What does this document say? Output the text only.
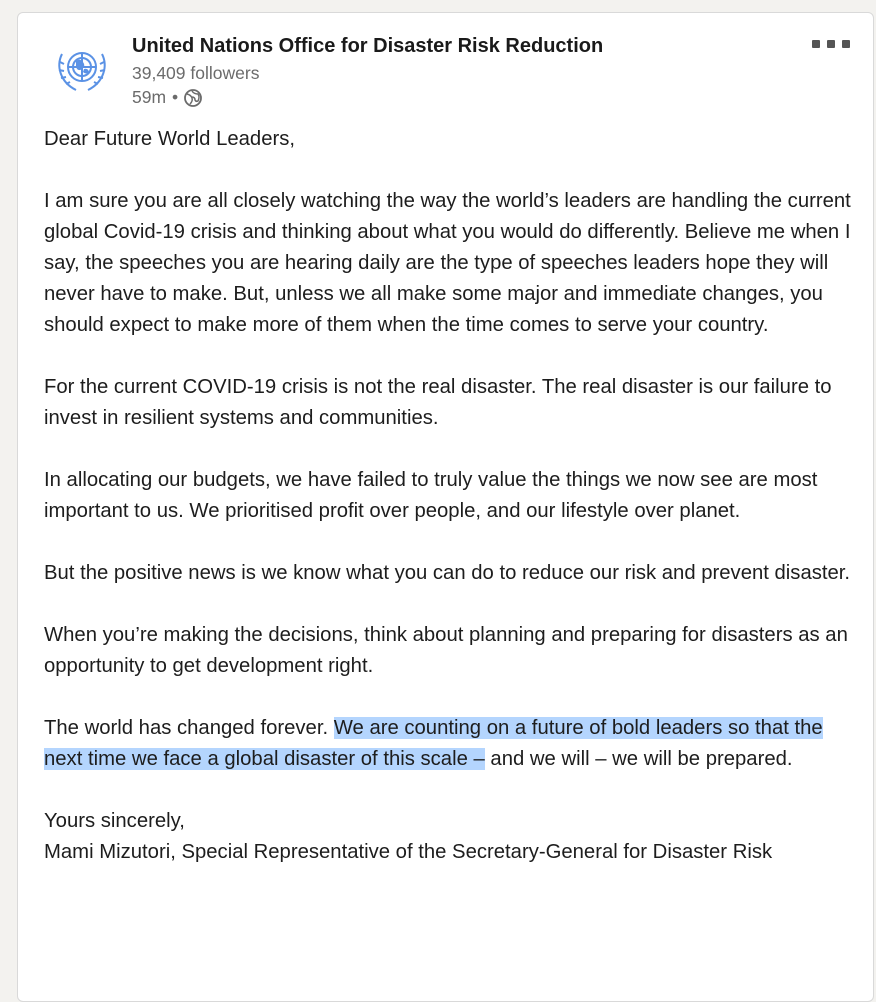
United Nations Office for Disaster Risk Reduction
39,409 followers
59m •

Dear Future World Leaders,

I am sure you are all closely watching the way the world’s leaders are handling the current global Covid-19 crisis and thinking about what you would do differently. Believe me when I say, the speeches you are hearing daily are the type of speeches leaders hope they will never have to make. But, unless we all make some major and immediate changes, you should expect to make more of them when the time comes to serve your country.

For the current COVID-19 crisis is not the real disaster. The real disaster is our failure to invest in resilient systems and communities.

In allocating our budgets, we have failed to truly value the things we now see are most important to us. We prioritised profit over people, and our lifestyle over planet.

But the positive news is we know what you can do to reduce our risk and prevent disaster.

When you’re making the decisions, think about planning and preparing for disasters as an opportunity to get development right.

The world has changed forever. We are counting on a future of bold leaders so that the next time we face a global disaster of this scale – and we will – we will be prepared.

Yours sincerely,

Mami Mizutori, Special Representative of the Secretary-General for Disaster Risk
